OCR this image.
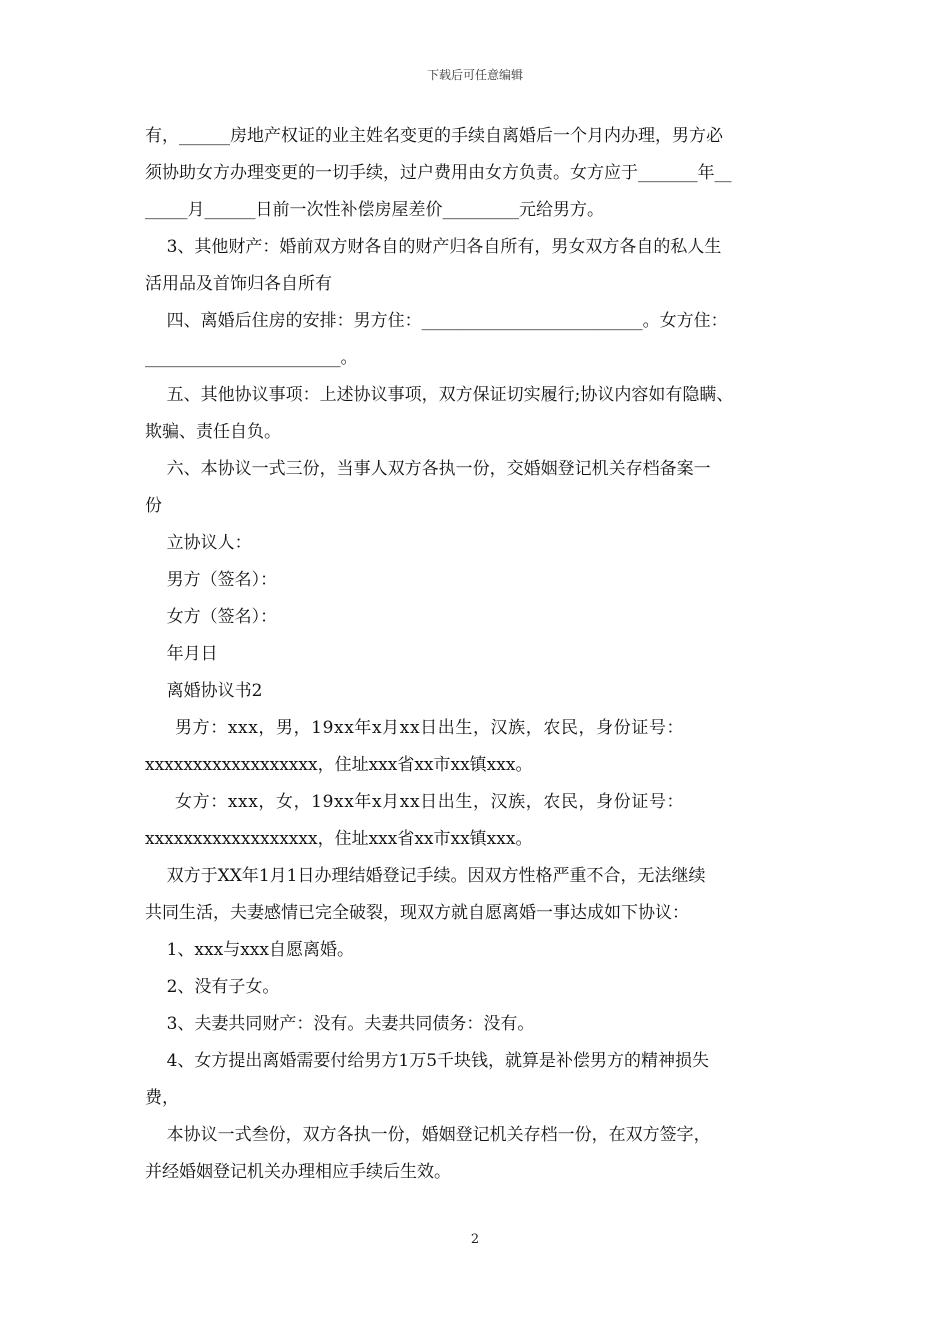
下载后可任意编辑
有，______房地产权证的业主姓名变更的手续自离婚后一个月内办理，男方必
须协助女方办理变更的一切手续，过户费用由女方负责。女方应于_______年__
_____月______日前一次性补偿房屋差价_________元给男方。
3、其他财产：婚前双方财各自的财产归各自所有，男女双方各自的私人生
活用品及首饰归各自所有
四、离婚后住房的安排：男方住：__________________________。女方住：
_______________________。
五、其他协议事项：上述协议事项，双方保证切实履行;协议内容如有隐瞒、
欺骗、责任自负。
六、本协议一式三份，当事人双方各执一份，交婚姻登记机关存档备案一
份
立协议人：
男方（签名）：
女方（签名）：
年月日
离婚协议书2
男方：xxx，男，19xx年x月xx日出生，汉族，农民，身份证号：
xxxxxxxxxxxxxxxxxx，住址xxx省xx市xx镇xxx。
女方：xxx，女，19xx年x月xx日出生，汉族，农民，身份证号：
xxxxxxxxxxxxxxxxxx，住址xxx省xx市xx镇xxx。
双方于XX年1月1日办理结婚登记手续。因双方性格严重不合，无法继续
共同生活，夫妻感情已完全破裂，现双方就自愿离婚一事达成如下协议：
1、xxx与xxx自愿离婚。
2、没有子女。
3、夫妻共同财产：没有。夫妻共同债务：没有。
4、女方提出离婚需要付给男方1万5千块钱，就算是补偿男方的精神损失
费，
本协议一式叁份，双方各执一份，婚姻登记机关存档一份，在双方签字，
并经婚姻登记机关办理相应手续后生效。
2
